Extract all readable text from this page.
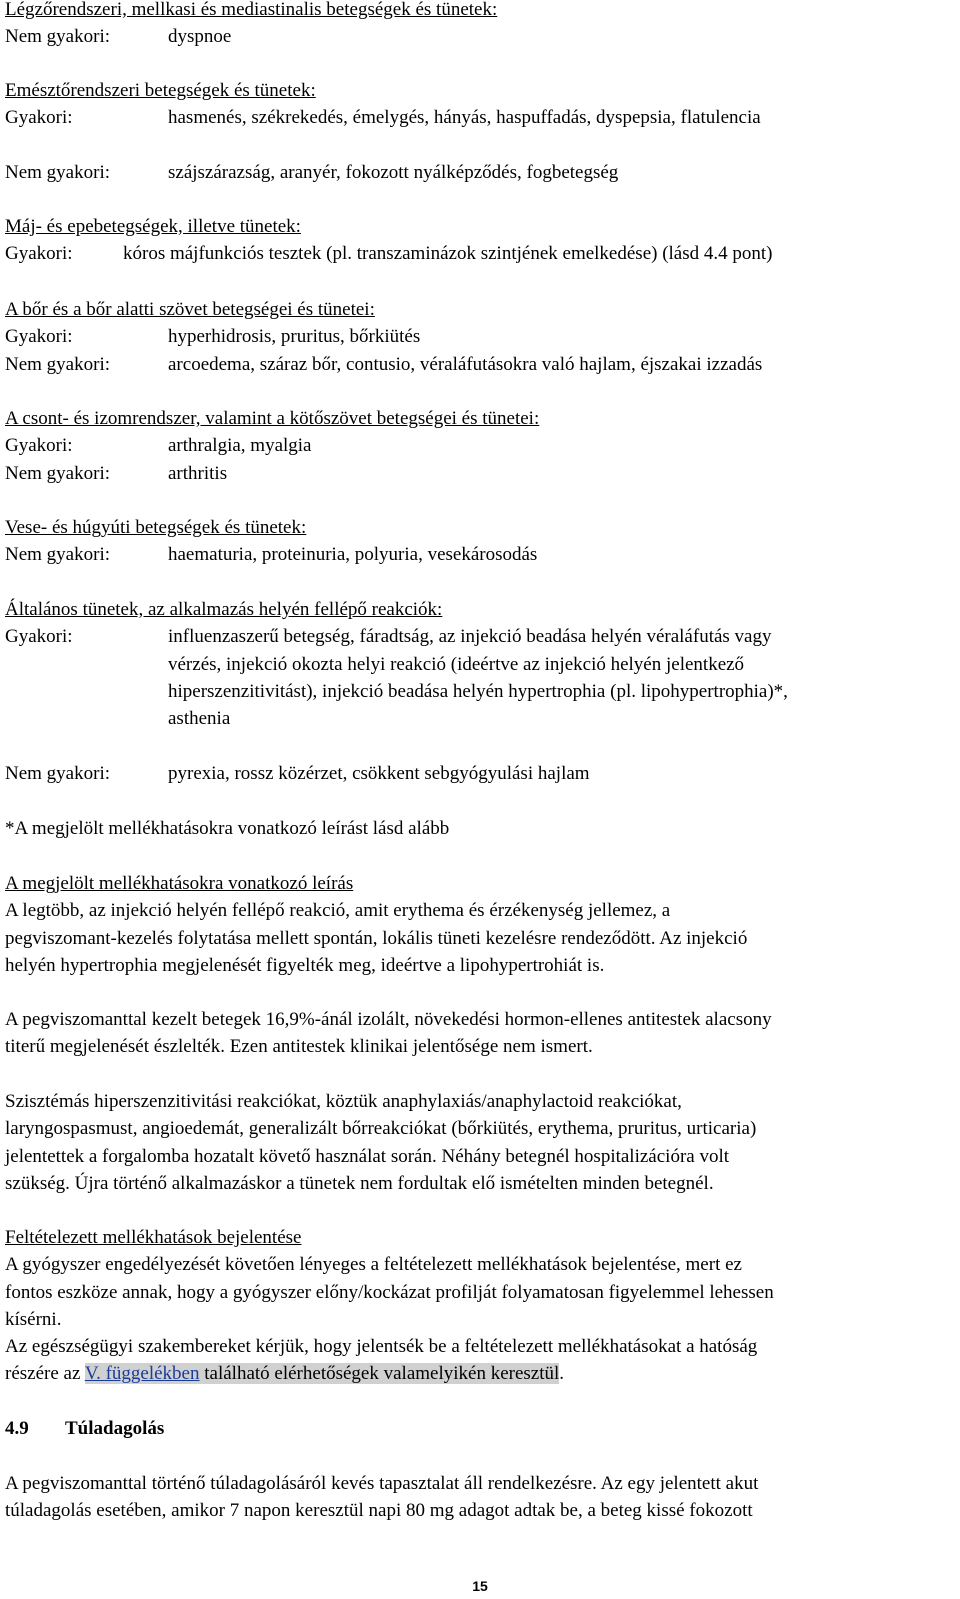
Légzőrendszeri, mellkasi és mediastinalis betegségek és tünetek:
Nem gyakori:	dyspnoe
Emésztőrendszeri betegségek és tünetek:
Gyakori:	hasmenés, székrekedés, émelygés, hányás, haspuffadás, dyspepsia, flatulencia
Nem gyakori:	szájszárazság, aranyér, fokozott nyálképződés, fogbetegség
Máj- és epebetegségek, illetve tünetek:
Gyakori:	kóros májfunkciós tesztek (pl. transzaminázok szintjének emelkedése) (lásd 4.4 pont)
A bőr és a bőr alatti szövet betegségei és tünetei:
Gyakori:	hyperhidrosis, pruritus, bőrkiütés
Nem gyakori:	arcoedema, száraz bőr, contusio, véraláfutásokra való hajlam, éjszakai izzadás
A csont- és izomrendszer, valamint a kötőszövet betegségei és tünetei:
Gyakori:	arthralgia, myalgia
Nem gyakori:	arthritis
Vese- és húgyúti betegségek és tünetek:
Nem gyakori:	haematuria, proteinuria, polyuria, vesekárosodás
Általános tünetek, az alkalmazás helyén fellépő reakciók:
Gyakori:	influenzaszerű betegség, fáradtság, az injekció beadása helyén véraláfutás vagy
vérzés, injekció okozta helyi reakció (ideértve az injekció helyén jelentkező
hiperszenzitivitást), injekció beadása helyén hypertrophia (pl. lipohypertrophia)*,
asthenia
Nem gyakori:	pyrexia, rossz közérzet, csökkent sebgyógyulási hajlam
*A megjelölt mellékhatásokra vonatkozó leírást lásd alább
A megjelölt mellékhatásokra vonatkozó leírás
A legtöbb, az injekció helyén fellépő reakció, amit erythema és érzékenység jellemez, a
pegviszomant-kezelés folytatása mellett spontán, lokális tüneti kezelésre rendeződött. Az injekció
helyén hypertrophia megjelenését figyelték meg, ideértve a lipohypertrohiát is.
A pegviszomanttal kezelt betegek 16,9%-ánál izolált, növekedési hormon-ellenes antitestek alacsony
titerű megjelenését észlelték. Ezen antitestek klinikai jelentősége nem ismert.
Szisztémás hiperszenzitivitási reakciókat, köztük anaphylaxiás/anaphylactoid reakciókat,
laryngospasmust, angioedemát, generalizált bőrreakciókat (bőrkiütés, erythema, pruritus, urticaria)
jelentettek a forgalomba hozatalt követő használat során. Néhány betegnél hospitalizációra volt
szükség. Újra történő alkalmazáskor a tünetek nem fordultak elő ismételten minden betegnél.
Feltételezett mellékhatások bejelentése
A gyógyszer engedélyezését követően lényeges a feltételezett mellékhatások bejelentése, mert ez
fontos eszköze annak, hogy a gyógyszer előny/kockázat profilját folyamatosan figyelemmel lehessen
kísérni.
Az egészségügyi szakembereket kérjük, hogy jelentsék be a feltételezett mellékhatásokat a hatóság
részére az V. függelékben található elérhetőségek valamelyikén keresztül.
4.9 Túladagolás
A pegviszomanttal történő túladagolásáról kevés tapasztalat áll rendelkezésre. Az egy jelentett akut
túladagolás esetében, amikor 7 napon keresztül napi 80 mg adagot adtak be, a beteg kissé fokozott
15
